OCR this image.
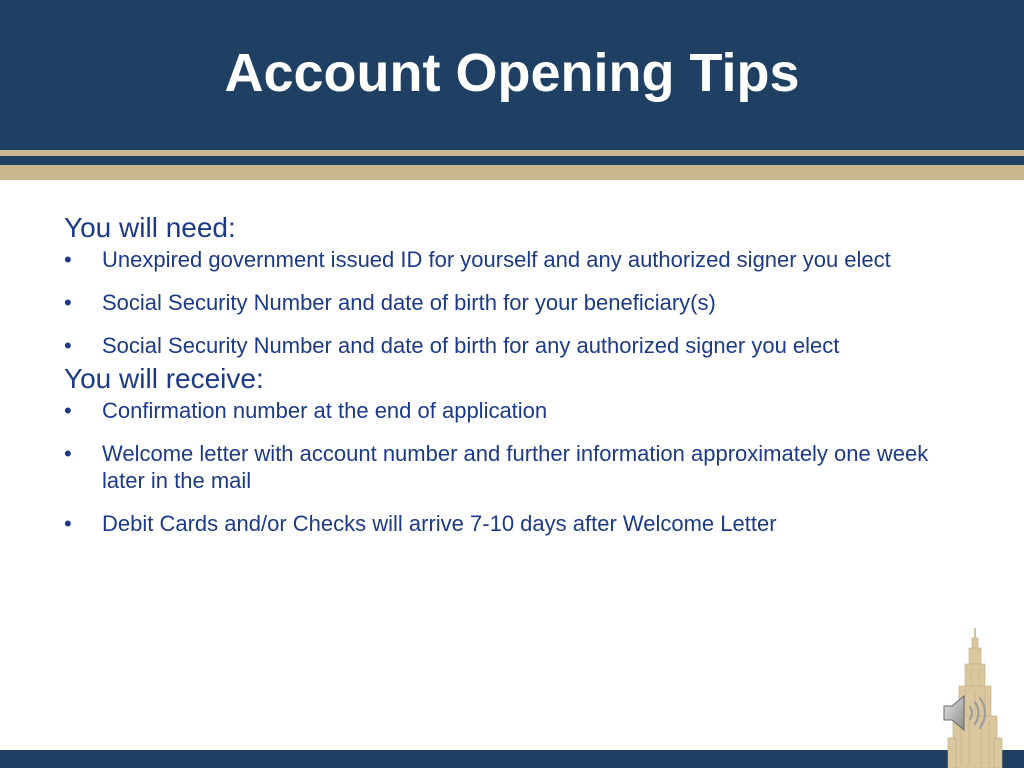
Account Opening Tips

You will need:

•	Unexpired government issued ID for yourself and any authorized signer you elect
•	Social Security Number and date of birth for your beneficiary(s)
•	Social Security Number and date of birth for any authorized signer you elect

You will receive:

•	Confirmation number at the end of application
•	Welcome letter with account number and further information approximately one week later in the mail
•	Debit Cards and/or Checks will arrive 7-10 days after Welcome Letter
